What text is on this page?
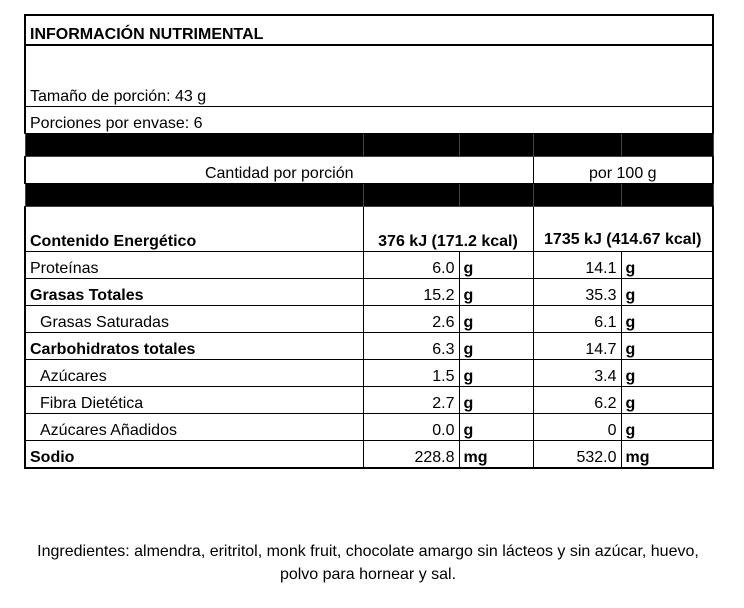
INFORMACIÓN NUTRIMENTAL				

Tamaño de porción: 43 g				
Porciones por envase: 6				

Cantidad por porción			por 100 g	

Contenido Energético	376 kJ (171.2 kcal)		1735 kJ (414.67 kcal)	
Proteínas	6.0	g	14.1	g
Grasas Totales	15.2	g	35.3	g
Grasas Saturadas	2.6	g	6.1	g
Carbohidratos totales	6.3	g	14.7	g
Azúcares	1.5	g	3.4	g
Fibra Dietética	2.7	g	6.2	g
Azúcares Añadidos	0.0	g	0	g
Sodio	228.8	mg	532.0	mg
Ingredientes: almendra, eritritol, monk fruit, chocolate amargo sin lácteos y sin azúcar, huevo, polvo para hornear y sal.
